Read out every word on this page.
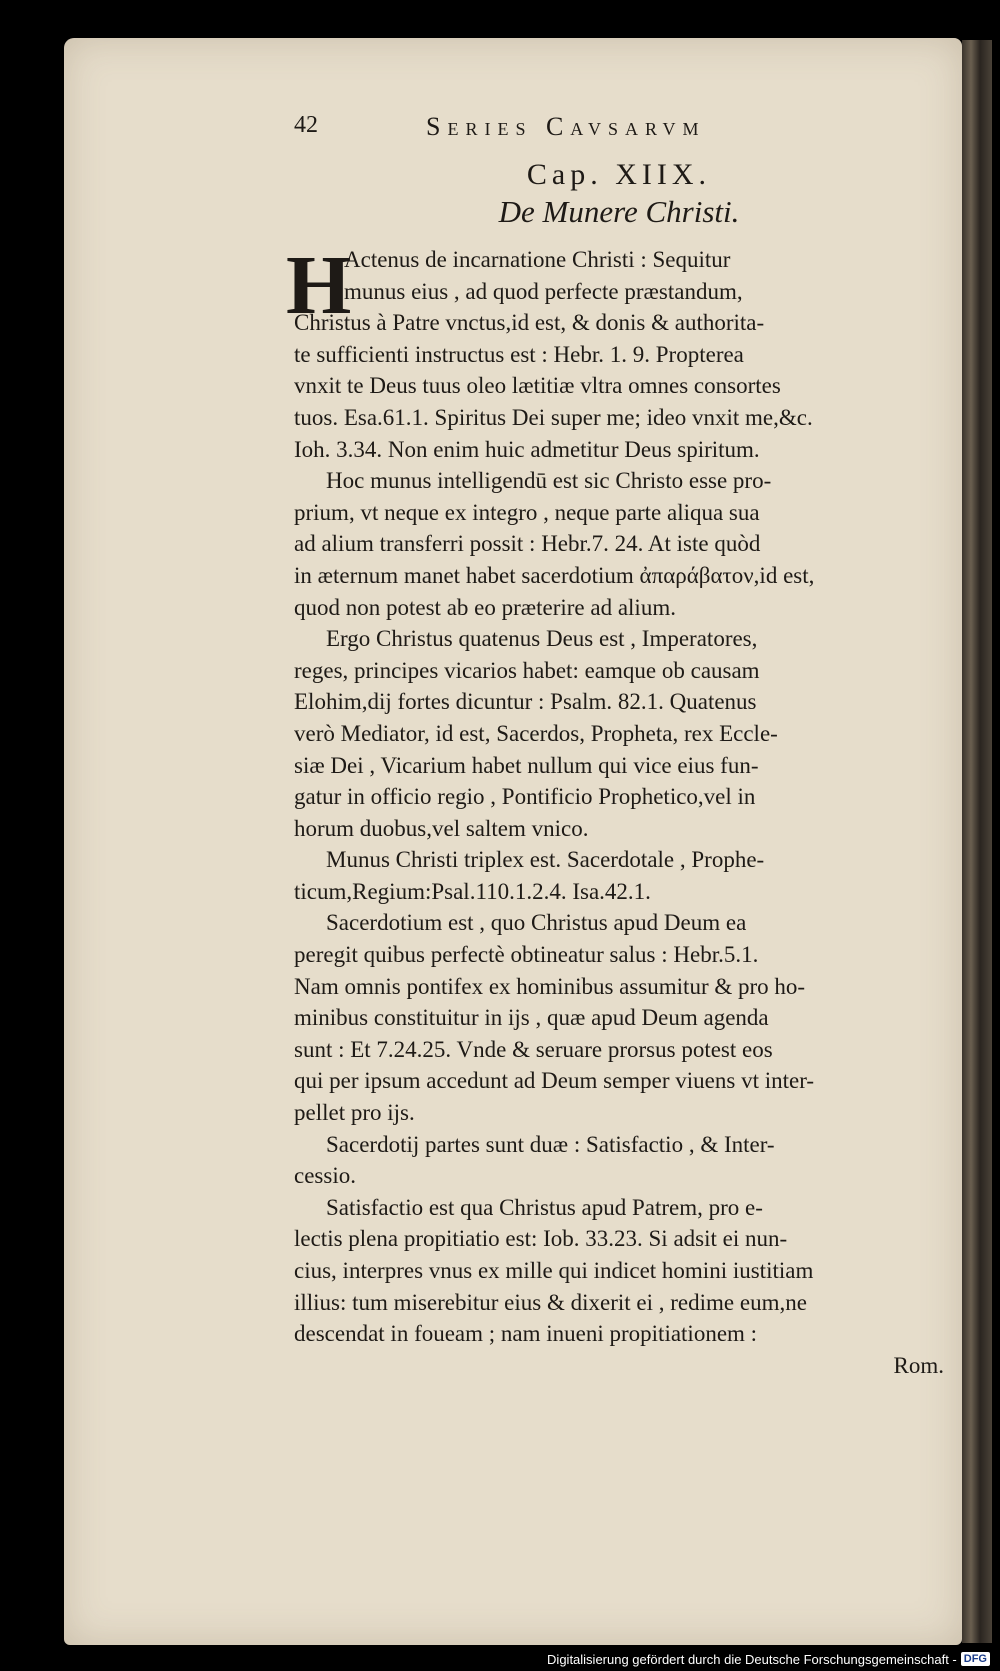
42	Series Cavsarvm
Cap. XIIX.
De Munere Christi.
H
Actenus de incarnatione Christi : Sequitur
munus eius , ad quod perfecte præstandum,
Christus à Patre vnctus,id est, & donis & authorita-
te sufficienti instructus est : Hebr. 1. 9. Propterea
vnxit te Deus tuus oleo lætitiæ vltra omnes consortes
tuos. Esa.61.1. Spiritus Dei super me; ideo vnxit me,&c.
Ioh. 3.34. Non enim huic admetitur Deus spiritum.
Hoc munus intelligendū est sic Christo esse pro-
prium, vt neque ex integro , neque parte aliqua sua
ad alium transferri possit : Hebr.7. 24. At iste quòd
in æternum manet habet sacerdotium ἀπαράβατον,id est,
quod non potest ab eo præterire ad alium.
Ergo Christus quatenus Deus est , Imperatores,
reges, principes vicarios habet: eamque ob causam
Elohim,dij fortes dicuntur : Psalm. 82.1. Quatenus
verò Mediator, id est, Sacerdos, Propheta, rex Eccle-
siæ Dei , Vicarium habet nullum qui vice eius fun-
gatur in officio regio , Pontificio Prophetico,vel in
horum duobus,vel saltem vnico.
Munus Christi triplex est. Sacerdotale , Prophe-
ticum,Regium:Psal.110.1.2.4. Isa.42.1.
Sacerdotium est , quo Christus apud Deum ea
peregit quibus perfectè obtineatur salus : Hebr.5.1.
Nam omnis pontifex ex hominibus assumitur & pro ho-
minibus constituitur in ijs , quæ apud Deum agenda
sunt : Et 7.24.25. Vnde & seruare prorsus potest eos
qui per ipsum accedunt ad Deum semper viuens vt inter-
pellet pro ijs.
Sacerdotij partes sunt duæ : Satisfactio , & Inter-
cessio.
Satisfactio est qua Christus apud Patrem, pro e-
lectis plena propitiatio est: Iob. 33.23. Si adsit ei nun-
cius, interpres vnus ex mille qui indicet homini iustitiam
illius: tum miserebitur eius & dixerit ei , redime eum,ne
descendat in foueam ; nam inueni propitiationem :
Rom.
Digitalisierung gefördert durch die Deutsche Forschungsgemeinschaft - DFG
